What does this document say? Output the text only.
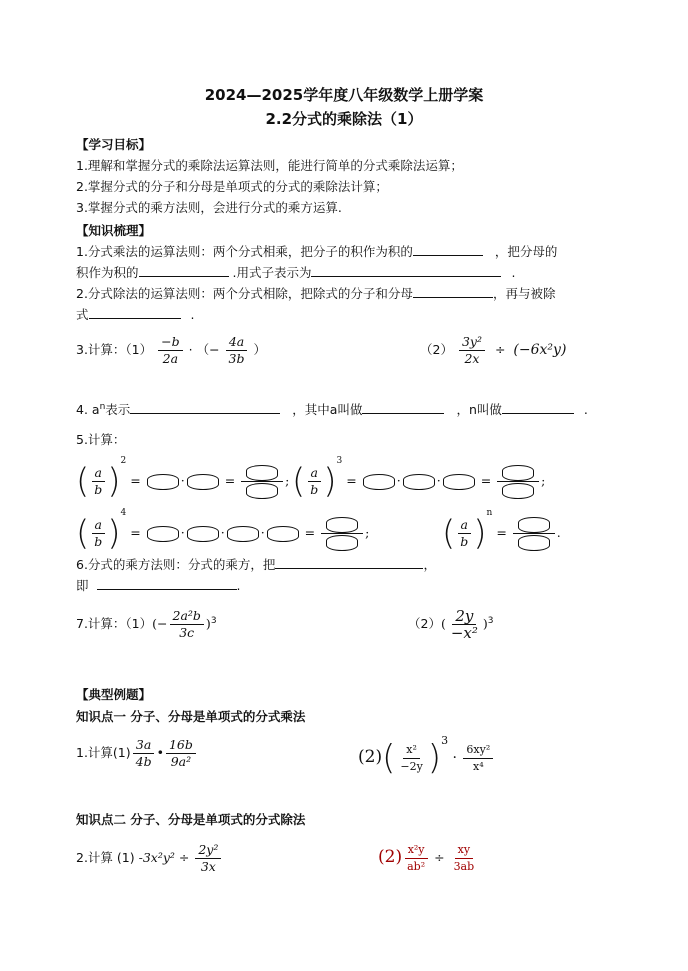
2024—2025学年度八年级数学上册学案
2.2分式的乘除法（1）
【学习目标】
1.理解和掌握分式的乘除法运算法则，能进行简单的分式乘除法运算；
2.掌握分式的分子和分母是单项式的分式的乘除法计算；
3.掌握分式的乘方法则，会进行分式的乘方运算.
【知识梳理】
1.分式乘法的运算法则：两个分式相乘，把分子的积作为积的	，把分母的
积作为积的	.用式子表示为	.
2.分式除法的运算法则：两个分式相除，把除式的分子和分母	，再与被除
式	.
3.计算：$(1) \frac{-b}{2a}$ · （− $\frac{4a}{3b}$ ）	$(2) \frac{\text{3y²}}{2x} \div (-6x^2y)$
4. $a^n$表示	，其中a叫做	，n叫做	.
5.计算：
( $\frac{a}{b} )^2$ =	·	=	; ( $\frac{a}{b} )^3$ =	·	·	=	;
( $\frac{a}{b} )^4$ =	·	·	·	=	; ( $\frac{a}{b} )^n$ =	.
6.分式的乘方法则：分式的乘方，把	，
即	.
7.计算：$(1)(- \frac{\text{2a²b}}{3c} )^3$	$(2)( \frac{2y}{\text{−x²}} )^3$
【典型例题】
知识点一 分子、分母是单项式的分式乘法
1.计算$(1) \frac{3a}{4b}$ • $\frac{16b}{\text{9a²}}$	$(2)( \frac{\text{x²}}{-2y} )^3 \cdot \frac{\text{6xy²}}{\text{x⁴}}$
知识点二 分子、分母是单项式的分式除法
2.计算 (1) $-3x^2y^2 \div \frac{\text{2y²}}{3x}$	$(2) \frac{\text{x²y}}{\text{ab²}} \div \frac{xy}{3ab}$
